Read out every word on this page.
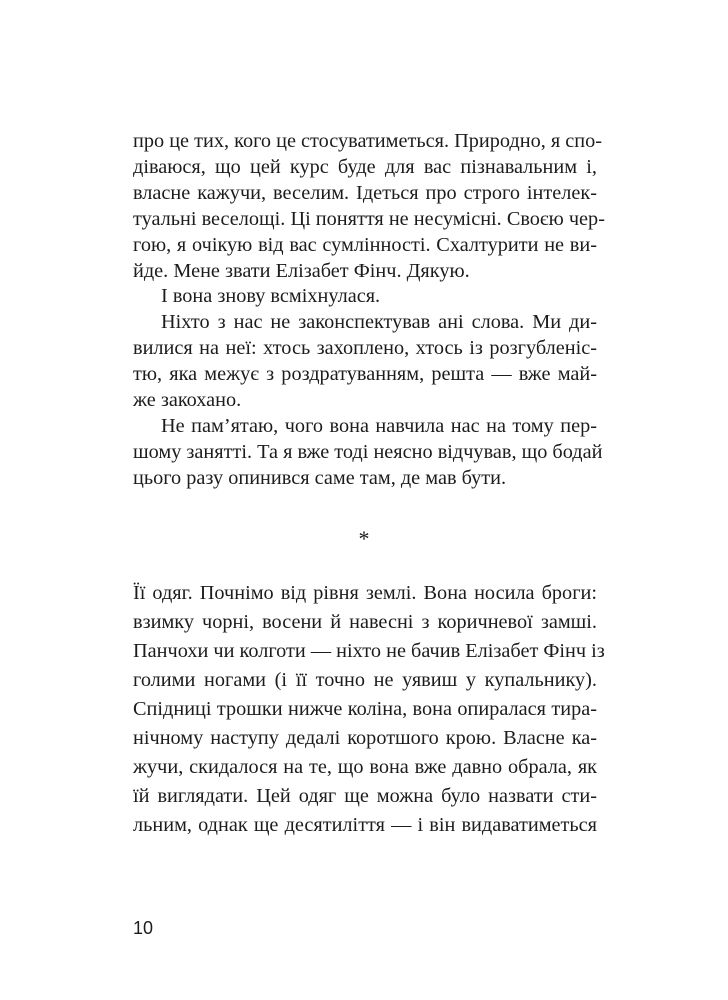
про це тих, кого це стосуватиметься. Природно, я спо-
діваюся, що цей курс буде для вас пізнавальним і,
власне кажучи, веселим. Ідеться про строго інтелек-
туальні веселощі. Ці поняття не несумісні. Своєю чер-
гою, я очікую від вас сумлінності. Схалтурити не ви-
йде. Мене звати Елізабет Фінч. Дякую.
І вона знову всміхнулася.
Ніхто з нас не законспектував ані слова. Ми ди-
вилися на неї: хтось захоплено, хтось із розгубленіс-
тю, яка межує з роздратуванням, решта — вже май-
же закохано.
Не пам’ятаю, чого вона навчила нас на тому пер-
шому занятті. Та я вже тоді неясно відчував, що бодай
цього разу опинився саме там, де мав бути.
*
Її одяг. Почнімо від рівня землі. Вона носила броги:
взимку чорні, восени й навесні з коричневої замші.
Панчохи чи колготи — ніхто не бачив Елізабет Фінч із
голими ногами (і її точно не уявиш у купальнику).
Спідниці трошки нижче коліна, вона опиралася тира-
нічному наступу дедалі коротшого крою. Власне ка-
жучи, скидалося на те, що вона вже давно обрала, як
їй виглядати. Цей одяг ще можна було назвати сти-
льним, однак ще десятиліття — і він видаватиметься
10
